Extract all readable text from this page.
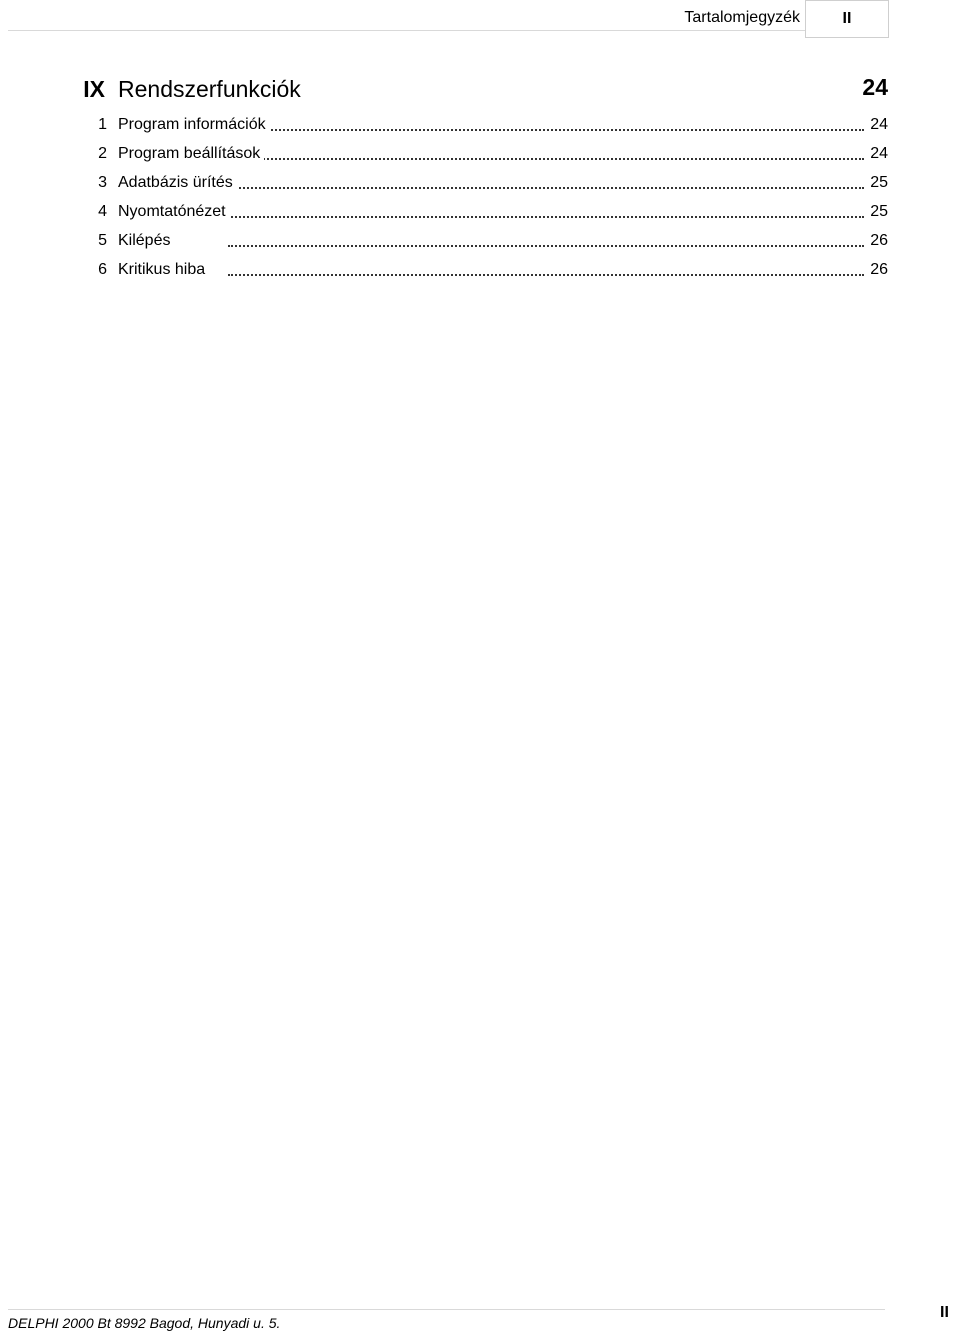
Tartalomjegyzék	II
IX Rendszerfunkciók	24
1 Program információk	24
2 Program beállítások	24
3 Adatbázis ürítés	25
4 Nyomtatónézet	25
5 Kilépés	26
6 Kritikus hiba	26
DELPHI 2000 Bt 8992 Bagod, Hunyadi u. 5.
II
